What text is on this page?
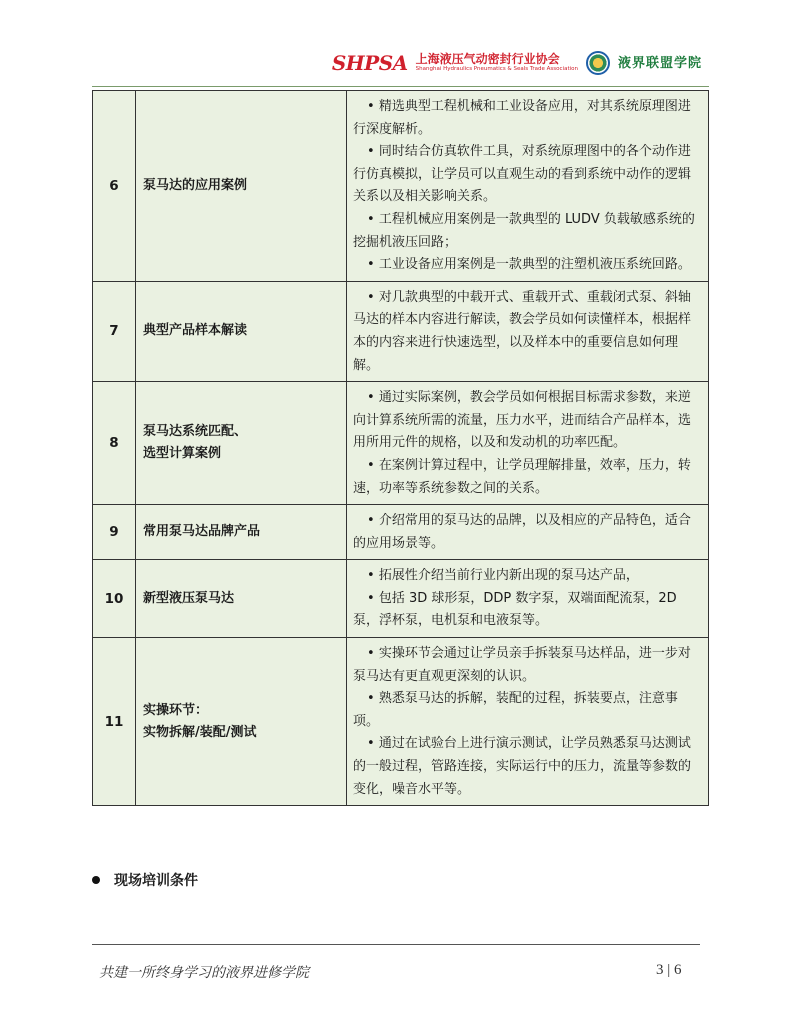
SHPSA 上海液压气动密封行业协会
Shanghai Hydraulics Pneumatics & Seals Trade Association	液界联盟学院
6	泵马达的应用案例	• 精选典型工程机械和工业设备应用，对其系统原理图进行深度解析。
• 同时结合仿真软件工具，对系统原理图中的各个动作进行仿真模拟，让学员可以直观生动的看到系统中动作的逻辑关系以及相关影响关系。
• 工程机械应用案例是一款典型的 LUDV 负载敏感系统的挖掘机液压回路；
• 工业设备应用案例是一款典型的注塑机液压系统回路。

7	典型产品样本解读	• 对几款典型的中载开式、重载开式、重载闭式泵、斜轴马达的样本内容进行解读，教会学员如何读懂样本，根据样本的内容来进行快速选型，以及样本中的重要信息如何理解。

8	泵马达系统匹配、
选型计算案例	• 通过实际案例，教会学员如何根据目标需求参数，来逆向计算系统所需的流量，压力水平，进而结合产品样本，选用所用元件的规格，以及和发动机的功率匹配。
• 在案例计算过程中，让学员理解排量，效率，压力，转速，功率等系统参数之间的关系。

9	常用泵马达品牌产品	• 介绍常用的泵马达的品牌，以及相应的产品特色，适合的应用场景等。

10	新型液压泵马达	• 拓展性介绍当前行业内新出现的泵马达产品，
• 包括 3D 球形泵，DDP 数字泵，双端面配流泵，2D 泵，浮杯泵，电机泵和电液泵等。

11	实操环节：
实物拆解/装配/测试	• 实操环节会通过让学员亲手拆装泵马达样品，进一步对泵马达有更直观更深刻的认识。
• 熟悉泵马达的拆解，装配的过程，拆装要点，注意事项。
• 通过在试验台上进行演示测试，让学员熟悉泵马达测试的一般过程，管路连接，实际运行中的压力，流量等参数的变化，噪音水平等。
现场培训条件
共建一所终身学习的液界进修学院	3 | 6
